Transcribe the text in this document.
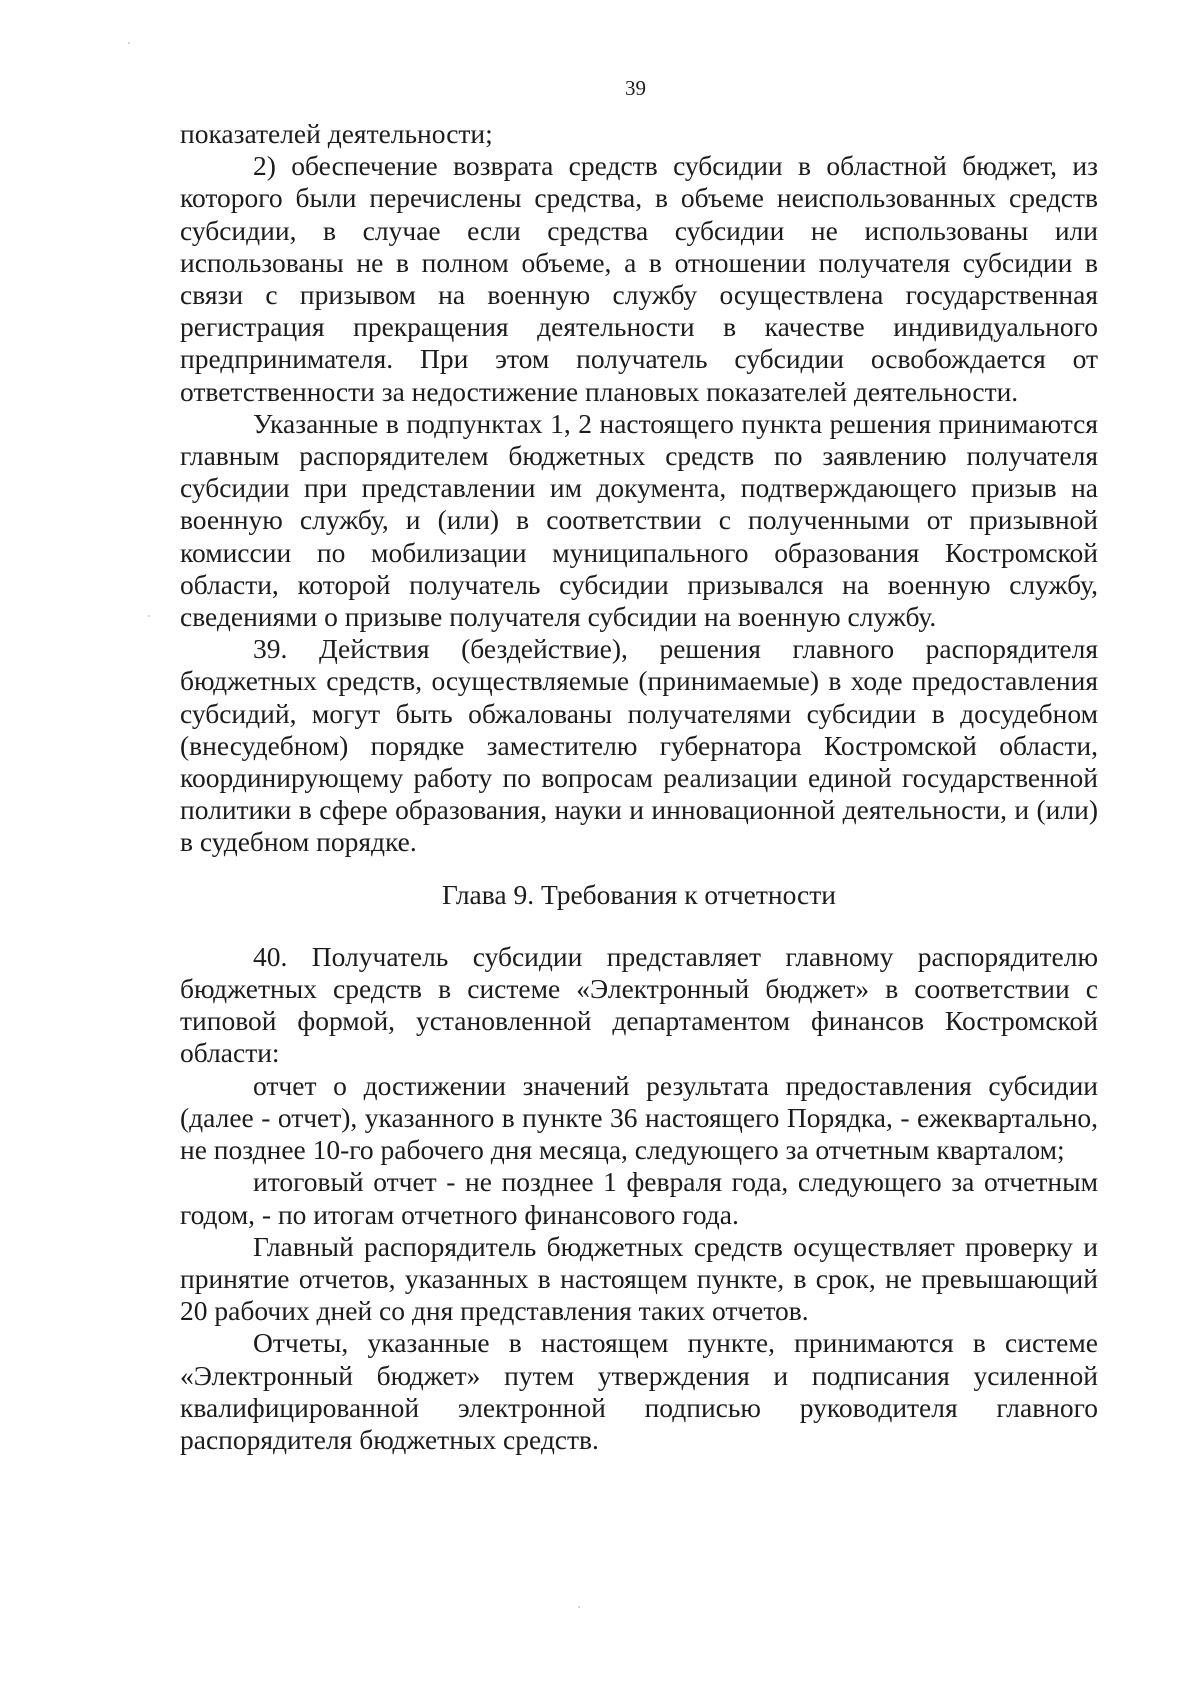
39

показателей деятельности;

2) обеспечение возврата средств субсидии в областной бюджет, из которого были перечислены средства, в объеме неиспользованных средств субсидии, в случае если средства субсидии не использованы или использованы не в полном объеме, а в отношении получателя субсидии в связи с призывом на военную службу осуществлена государственная регистрация прекращения деятельности в качестве индивидуального предпринимателя. При этом получатель субсидии освобождается от ответственности за недостижение плановых показателей деятельности.

Указанные в подпунктах 1, 2 настоящего пункта решения принимаются главным распорядителем бюджетных средств по заявлению получателя субсидии при представлении им документа, подтверждающего призыв на военную службу, и (или) в соответствии с полученными от призывной комиссии по мобилизации муниципального образования Костромской области, которой получатель субсидии призывался на военную службу, сведениями о призыве получателя субсидии на военную службу.

39. Действия (бездействие), решения главного распорядителя бюджетных средств, осуществляемые (принимаемые) в ходе предоставления субсидий, могут быть обжалованы получателями субсидии в досудебном (внесудебном) порядке заместителю губернатора Костромской области, координирующему работу по вопросам реализации единой государственной политики в сфере образования, науки и инновационной деятельности, и (или) в судебном порядке.

Глава 9. Требования к отчетности

40. Получатель субсидии представляет главному распорядителю бюджетных средств в системе «Электронный бюджет» в соответствии с типовой формой, установленной департаментом финансов Костромской области:

отчет о достижении значений результата предоставления субсидии (далее - отчет), указанного в пункте 36 настоящего Порядка, - ежеквартально, не позднее 10-го рабочего дня месяца, следующего за отчетным кварталом;

итоговый отчет - не позднее 1 февраля года, следующего за отчетным годом, - по итогам отчетного финансового года.

Главный распорядитель бюджетных средств осуществляет проверку и принятие отчетов, указанных в настоящем пункте, в срок, не превышающий 20 рабочих дней со дня представления таких отчетов.

Отчеты, указанные в настоящем пункте, принимаются в системе «Электронный бюджет» путем утверждения и подписания усиленной квалифицированной электронной подписью руководителя главного распорядителя бюджетных средств.
